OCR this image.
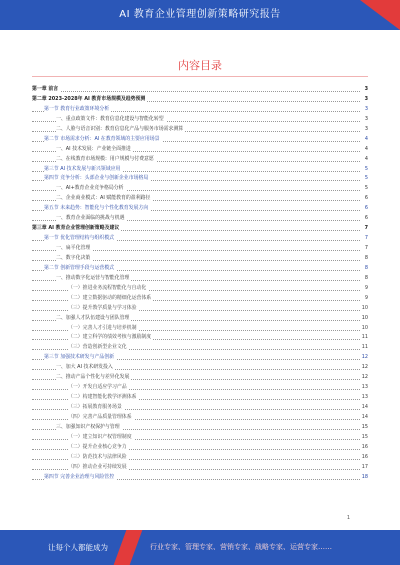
AI 教育企业管理创新策略研究报告
内容目录
第一章 前言	3
第二章 2023-2028年 AI 教育市场规模及趋势预测	3
第一节 教育行业政策环境分析	3
一、重点政策文件：教育信息化建设与智能化转型	3
二、人脸与语音识别：教育信息化产品与服务市场需求测算	3
第二节 市场需求分析：AI 在教育领域的主要应用场景	4
一、AI 技术发展：产业链全面推进	4
二、在线教育市场规模：用户规模与付费意愿	4
第三节 AI 技术发展与新兴领域应用	5
第四节 竞争分析：头部企业与创新企业市场格局	5
一、AI+教育企业竞争格局分析	5
二、企业商业模式：AI 赋能教育的盈利路径	6
第五节 未来趋势：智能化与个性化教育发展方向	6
一、教育企业面临的挑战与机遇	6
第三章 AI 教育企业管理创新策略及建议	7
第一节 优化管理结构与组织模式	7
一、扁平化管理	7
二、数字化决策	8
第二节 创新管理手段与运营模式	8
一、推动数字化运营与智能化管理	8
（一）推进业务流程智能化与自动化	9
（二）建立数据驱动的精细化运营体系	9
（三）提升教学质量与学习体验	10
二、加强人才队伍建设与团队管理	10
（一）完善人才引进与培养机制	10
（二）建立科学的绩效考核与激励制度	11
（三）营造创新型企业文化	11
第三节 加强技术研发与产品创新	12
一、加大 AI 技术研发投入	12
二、推动产品个性化与差异化发展	12
（一）开发自适应学习产品	13
（二）构建智能化教学评测体系	13
（三）拓展教育服务场景	14
（四）完善产品质量管理体系	14
三、加强知识产权保护与管理	15
（一）建立知识产权管理制度	15
（二）提升企业核心竞争力	16
（三）防范技术与法律风险	16
（四）推动企业可持续发展	17
第四节 完善企业治理与风险管控	18
1
让每个人都能成为	行业专家、管理专家、营销专家、战略专家、运营专家……
